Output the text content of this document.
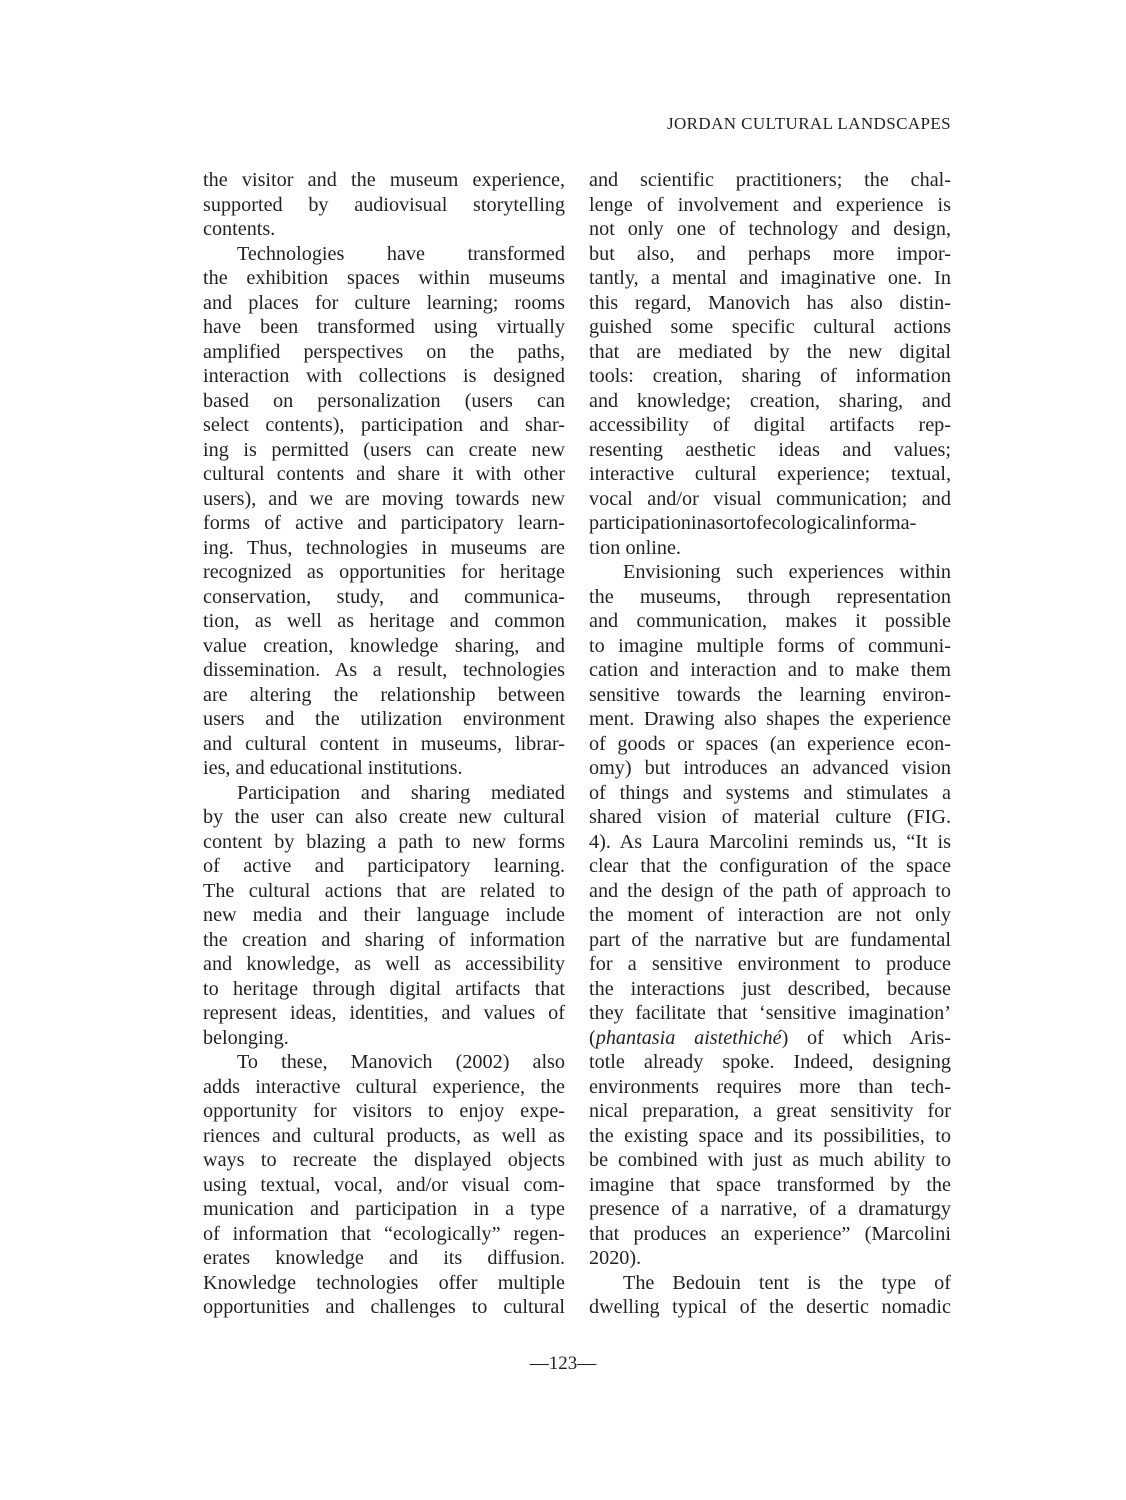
JORDAN CULTURAL LANDSCAPES
the visitor and the museum experience,
supported by audiovisual storytelling
contents.
Technologies have transformed
the exhibition spaces within museums
and places for culture learning; rooms
have been transformed using virtually
amplified perspectives on the paths,
interaction with collections is designed
based on personalization (users can
select contents), participation and shar-
ing is permitted (users can create new
cultural contents and share it with other
users), and we are moving towards new
forms of active and participatory learn-
ing. Thus, technologies in museums are
recognized as opportunities for heritage
conservation, study, and communica-
tion, as well as heritage and common
value creation, knowledge sharing, and
dissemination. As a result, technologies
are altering the relationship between
users and the utilization environment
and cultural content in museums, librar-
ies, and educational institutions.
Participation and sharing mediated
by the user can also create new cultural
content by blazing a path to new forms
of active and participatory learning.
The cultural actions that are related to
new media and their language include
the creation and sharing of information
and knowledge, as well as accessibility
to heritage through digital artifacts that
represent ideas, identities, and values of
belonging.
To these, Manovich (2002) also
adds interactive cultural experience, the
opportunity for visitors to enjoy expe-
riences and cultural products, as well as
ways to recreate the displayed objects
using textual, vocal, and/or visual com-
munication and participation in a type
of information that “ecologically” regen-
erates knowledge and its diffusion.
Knowledge technologies offer multiple
opportunities and challenges to cultural
and scientific practitioners; the chal-
lenge of involvement and experience is
not only one of technology and design,
but also, and perhaps more impor-
tantly, a mental and imaginative one. In
this regard, Manovich has also distin-
guished some specific cultural actions
that are mediated by the new digital
tools: creation, sharing of information
and knowledge; creation, sharing, and
accessibility of digital artifacts rep-
resenting aesthetic ideas and values;
interactive cultural experience; textual,
vocal and/or visual communication; and
participationinasortofecologicalinforma-
tion online.
Envisioning such experiences within
the museums, through representation
and communication, makes it possible
to imagine multiple forms of communi-
cation and interaction and to make them
sensitive towards the learning environ-
ment. Drawing also shapes the experience
of goods or spaces (an experience econ-
omy) but introduces an advanced vision
of things and systems and stimulates a
shared vision of material culture (FIG.
4). As Laura Marcolini reminds us, “It is
clear that the configuration of the space
and the design of the path of approach to
the moment of interaction are not only
part of the narrative but are fundamental
for a sensitive environment to produce
the interactions just described, because
they facilitate that ‘sensitive imagination’
(phantasia aistethiché) of which Aris-
totle already spoke. Indeed, designing
environments requires more than tech-
nical preparation, a great sensitivity for
the existing space and its possibilities, to
be combined with just as much ability to
imagine that space transformed by the
presence of a narrative, of a dramaturgy
that produces an experience” (Marcolini
2020).
The Bedouin tent is the type of
dwelling typical of the desertic nomadic
—123—
